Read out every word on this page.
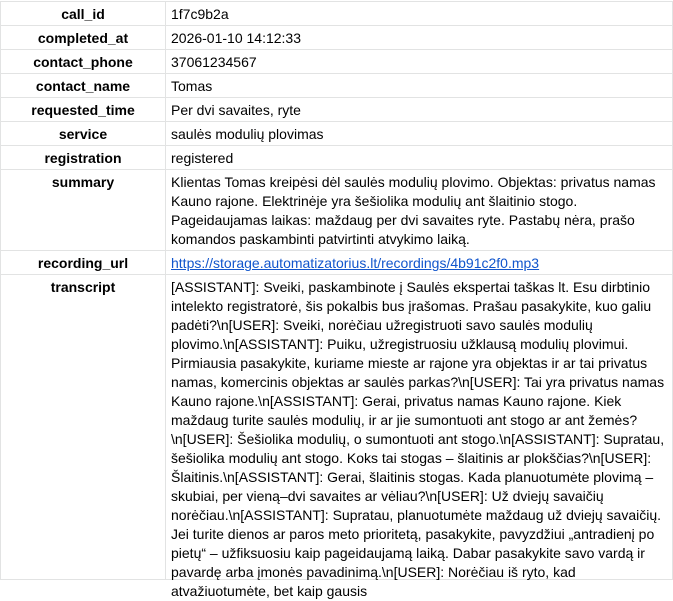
call_id	1f7c9b2a
completed_at	2026-01-10 14:12:33
contact_phone	37061234567
contact_name	Tomas
requested_time	Per dvi savaites, ryte
service	saulės modulių plovimas
registration	registered
summary	Klientas Tomas kreipėsi dėl saulės modulių plovimo. Objektas: privatus namas Kauno rajone. Elektrinėje yra šešiolika modulių ant šlaitinio stogo. Pageidaujamas laikas: maždaug per dvi savaites ryte. Pastabų nėra, prašo komandos paskambinti patvirtinti atvykimo laiką.
recording_url	https://storage.automatizatorius.lt/recordings/4b91c2f0.mp3
transcript	[ASSISTANT]: Sveiki, paskambinote į Saulės ekspertai taškas lt. Esu dirbtinio intelekto registratorė, šis pokalbis bus įrašomas. Prašau pasakykite, kuo galiu padėti?\n[USER]: Sveiki, norėčiau užregistruoti savo saulės modulių plovimo.\n[ASSISTANT]: Puiku, užregistruosiu užklausą modulių plovimui. Pirmiausia pasakykite, kuriame mieste ar rajone yra objektas ir ar tai privatus namas, komercinis objektas ar saulės parkas?\n[USER]: Tai yra privatus namas Kauno rajone.\n[ASSISTANT]: Gerai, privatus namas Kauno rajone. Kiek maždaug turite saulės modulių, ir ar jie sumontuoti ant stogo ar ant žemės?\n[USER]: Šešiolika modulių, o sumontuoti ant stogo.\n[ASSISTANT]: Supratau, šešiolika modulių ant stogo. Koks tai stogas – šlaitinis ar plokščias?\n[USER]: Šlaitinis.\n[ASSISTANT]: Gerai, šlaitinis stogas. Kada planuotumėte plovimą – skubiai, per vieną–dvi savaites ar vėliau?\n[USER]: Už dviejų savaičių norėčiau.\n[ASSISTANT]: Supratau, planuotumėte maždaug už dviejų savaičių. Jei turite dienos ar paros meto prioritetą, pasakykite, pavyzdžiui „antradienį po pietų“ – užfiksuosiu kaip pageidaujamą laiką. Dabar pasakykite savo vardą ir pavardę arba įmonės pavadinimą.\n[USER]: Norėčiau iš ryto, kad atvažiuotumėte, bet kaip gausis
